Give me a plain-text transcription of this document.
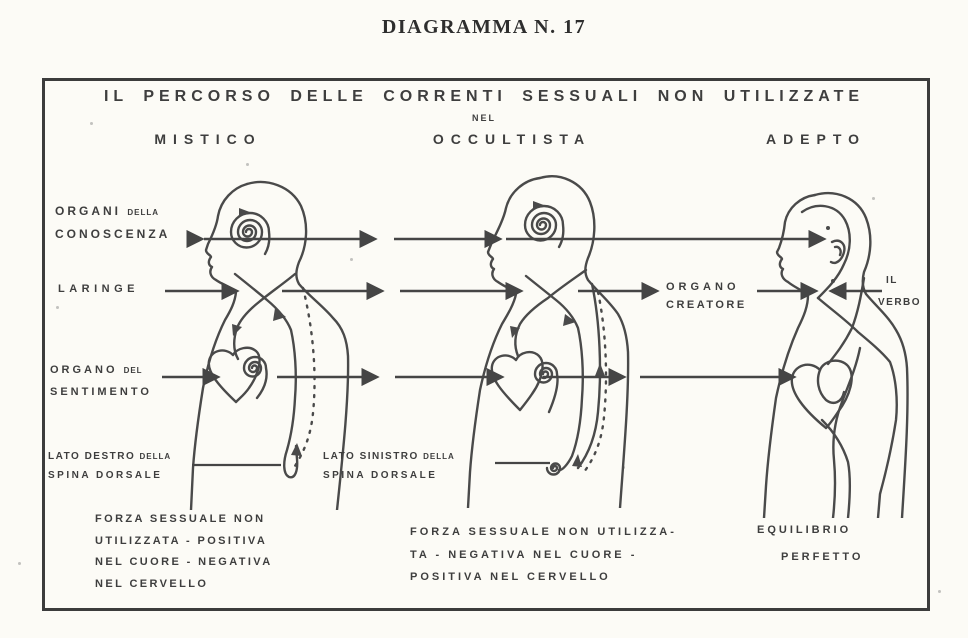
DIAGRAMMA N. 17
IL PERCORSO DELLE CORRENTI SESSUALI NON UTILIZZATE
NEL
MISTICO	OCCULTISTA	ADEPTO
ORGANI DELLA
CONOSCENZA
LARINGE
ORGANO DEL
SENTIMENTO
LATO DESTRO DELLA
SPINA DORSALE
LATO SINISTRO DELLA
SPINA DORSALE
ORGANO
CREATORE
IL
VERBO
FORZA SESSUALE NON
UTILIZZATA - POSITIVA
NEL CUORE - NEGATIVA
NEL CERVELLO
FORZA SESSUALE NON UTILIZZA-
TA - NEGATIVA NEL CUORE -
POSITIVA NEL CERVELLO
EQUILIBRIO
PERFETTO
